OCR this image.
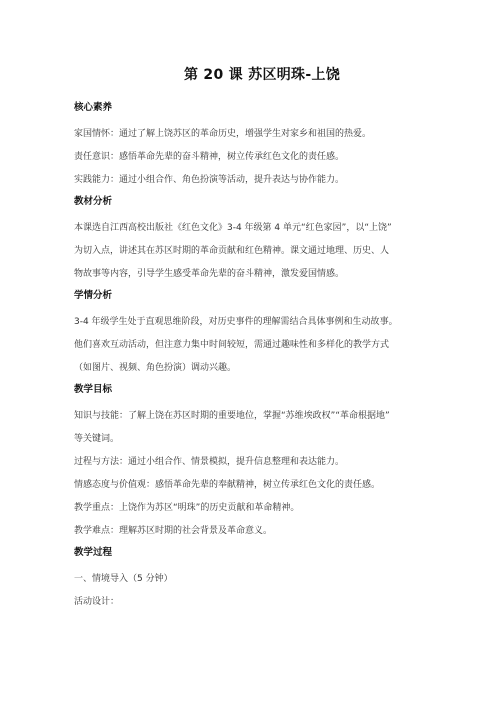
第 20 课 苏区明珠-上饶
核心素养

家国情怀：通过了解上饶苏区的革命历史，增强学生对家乡和祖国的热爱。

责任意识：感悟革命先辈的奋斗精神，树立传承红色文化的责任感。

实践能力：通过小组合作、角色扮演等活动，提升表达与协作能力。

教材分析

本课选自江西高校出版社《红色文化》3-4 年级第 4 单元“红色家园”，以“上饶”

为切入点，讲述其在苏区时期的革命贡献和红色精神。课文通过地理、历史、人

物故事等内容，引导学生感受革命先辈的奋斗精神，激发爱国情感。

学情分析

3-4 年级学生处于直观思维阶段，对历史事件的理解需结合具体事例和生动故事。

他们喜欢互动活动，但注意力集中时间较短，需通过趣味性和多样化的教学方式

（如图片、视频、角色扮演）调动兴趣。

教学目标

知识与技能：了解上饶在苏区时期的重要地位，掌握“苏维埃政权”“革命根据地”

等关键词。

过程与方法：通过小组合作、情景模拟，提升信息整理和表达能力。

情感态度与价值观：感悟革命先辈的奉献精神，树立传承红色文化的责任感。

教学重点：上饶作为苏区“明珠”的历史贡献和革命精神。

教学难点：理解苏区时期的社会背景及革命意义。

教学过程

一、情境导入（5 分钟）

活动设计：
